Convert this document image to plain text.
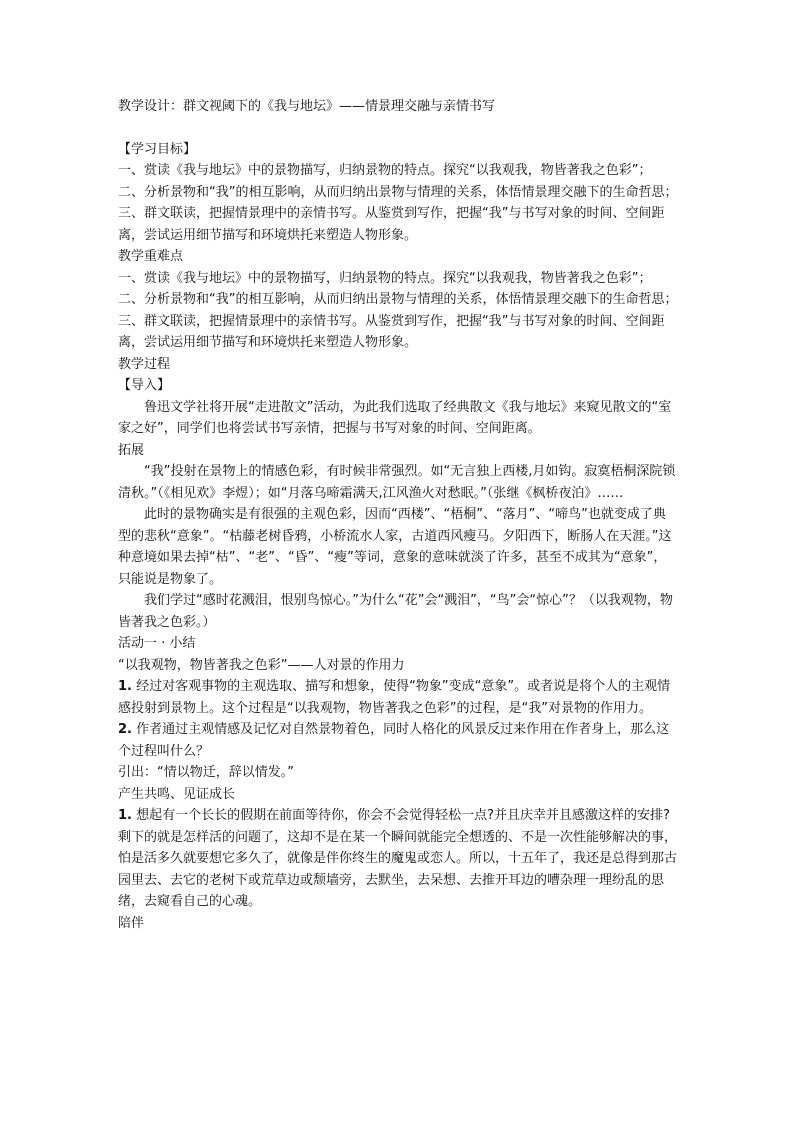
教学设计：群文视阈下的《我与地坛》——情景理交融与亲情书写

【学习目标】

一、赏读《我与地坛》中的景物描写，归纳景物的特点。探究“以我观我，物皆著我之色彩”；

二、分析景物和“我”的相互影响，从而归纳出景物与情理的关系，体悟情景理交融下的生命哲思；

三、群文联读，把握情景理中的亲情书写。从鉴赏到写作，把握“我”与书写对象的时间、空间距离，尝试运用细节描写和环境烘托来塑造人物形象。

教学重难点

一、赏读《我与地坛》中的景物描写，归纳景物的特点。探究“以我观我，物皆著我之色彩”；

二、分析景物和“我”的相互影响，从而归纳出景物与情理的关系，体悟情景理交融下的生命哲思；

三、群文联读，把握情景理中的亲情书写。从鉴赏到写作，把握“我”与书写对象的时间、空间距离，尝试运用细节描写和环境烘托来塑造人物形象。

教学过程

【导入】

鲁迅文学社将开展“走进散文”活动，为此我们选取了经典散文《我与地坛》来窥见散文的“室家之好”，同学们也将尝试书写亲情，把握与书写对象的时间、空间距离。

拓展

“我”投射在景物上的情感色彩，有时候非常强烈。如“无言独上西楼,月如钩。寂寞梧桐深院锁清秋。”（《相见欢》李煜）；如“月落乌啼霜满天,江风渔火对愁眠。”（张继《枫桥夜泊》……

此时的景物确实是有很强的主观色彩，因而“西楼”、“梧桐”、“落月”、“啼鸟”也就变成了典型的悲秋“意象”。“枯藤老树昏鸦，小桥流水人家，古道西风瘦马。夕阳西下，断肠人在天涯。”这种意境如果去掉“枯”、“老”、“昏”、“瘦”等词，意象的意味就淡了许多，甚至不成其为“意象”，只能说是物象了。

我们学过“感时花溅泪，恨别鸟惊心。”为什么“花”会“溅泪”，“鸟”会“惊心”？（以我观物，物皆著我之色彩。）

活动一 · 小结

“以我观物，物皆著我之色彩”——人对景的作用力

1. 经过对客观事物的主观选取、描写和想象，使得“物象”变成“意象”。或者说是将个人的主观情感投射到景物上。这个过程是“以我观物，物皆著我之色彩”的过程，是“我”对景物的作用力。

2. 作者通过主观情感及记忆对自然景物着色，同时人格化的风景反过来作用在作者身上，那么这个过程叫什么？

引出：“情以物迁，辞以情发。”

产生共鸣、见证成长

1. 想起有一个长长的假期在前面等待你，你会不会觉得轻松一点?并且庆幸并且感激这样的安排?剩下的就是怎样活的问题了，这却不是在某一个瞬间就能完全想透的、不是一次性能够解决的事，怕是活多久就要想它多久了，就像是伴你终生的魔鬼或恋人。所以，十五年了，我还是总得到那古园里去、去它的老树下或荒草边或颓墙旁，去默坐，去呆想、去推开耳边的嘈杂理一理纷乱的思绪，去窥看自己的心魂。

陪伴
